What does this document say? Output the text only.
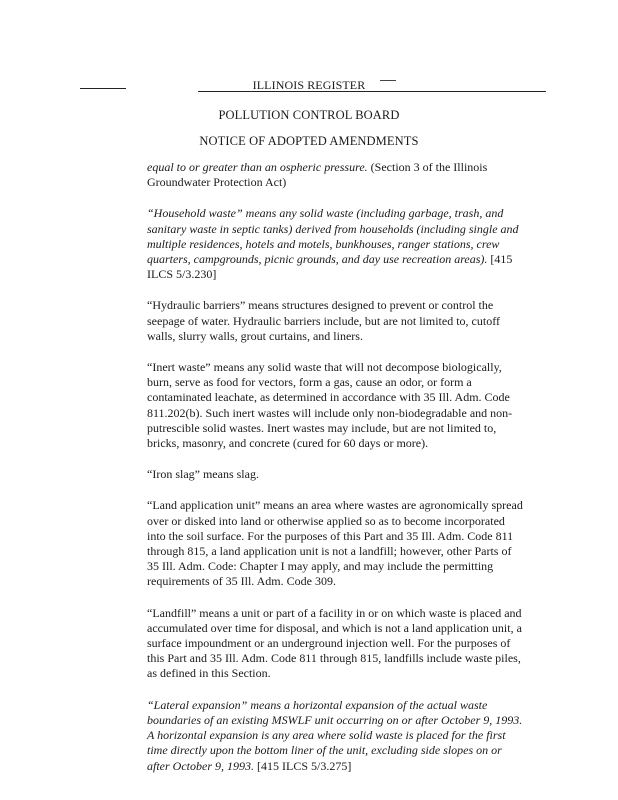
ILLINOIS REGISTER
POLLUTION CONTROL BOARD
NOTICE OF ADOPTED AMENDMENTS

equal to or greater than an ospheric pressure. (Section 3 of the Illinois Groundwater Protection Act)

“Household waste” means any solid waste (including garbage, trash, and sanitary waste in septic tanks) derived from households (including single and multiple residences, hotels and motels, bunkhouses, ranger stations, crew quarters, campgrounds, picnic grounds, and day use recreation areas). [415 ILCS 5/3.230]

“Hydraulic barriers” means structures designed to prevent or control the seepage of water. Hydraulic barriers include, but are not limited to, cutoff walls, slurry walls, grout curtains, and liners.

“Inert waste” means any solid waste that will not decompose biologically, burn, serve as food for vectors, form a gas, cause an odor, or form a contaminated leachate, as determined in accordance with 35 Ill. Adm. Code 811.202(b). Such inert wastes will include only non-biodegradable and non-putrescible solid wastes. Inert wastes may include, but are not limited to, bricks, masonry, and concrete (cured for 60 days or more).

“Iron slag” means slag.

“Land application unit” means an area where wastes are agronomically spread over or disked into land or otherwise applied so as to become incorporated into the soil surface. For the purposes of this Part and 35 Ill. Adm. Code 811 through 815, a land application unit is not a landfill; however, other Parts of 35 Ill. Adm. Code: Chapter I may apply, and may include the permitting requirements of 35 Ill. Adm. Code 309.

“Landfill” means a unit or part of a facility in or on which waste is placed and accumulated over time for disposal, and which is not a land application unit, a surface impoundment or an underground injection well. For the purposes of this Part and 35 Ill. Adm. Code 811 through 815, landfills include waste piles, as defined in this Section.

“Lateral expansion” means a horizontal expansion of the actual waste boundaries of an existing MSWLF unit occurring on or after October 9, 1993. A horizontal expansion is any area where solid waste is placed for the first time directly upon the bottom liner of the unit, excluding side slopes on or after October 9, 1993. [415 ILCS 5/3.275]
